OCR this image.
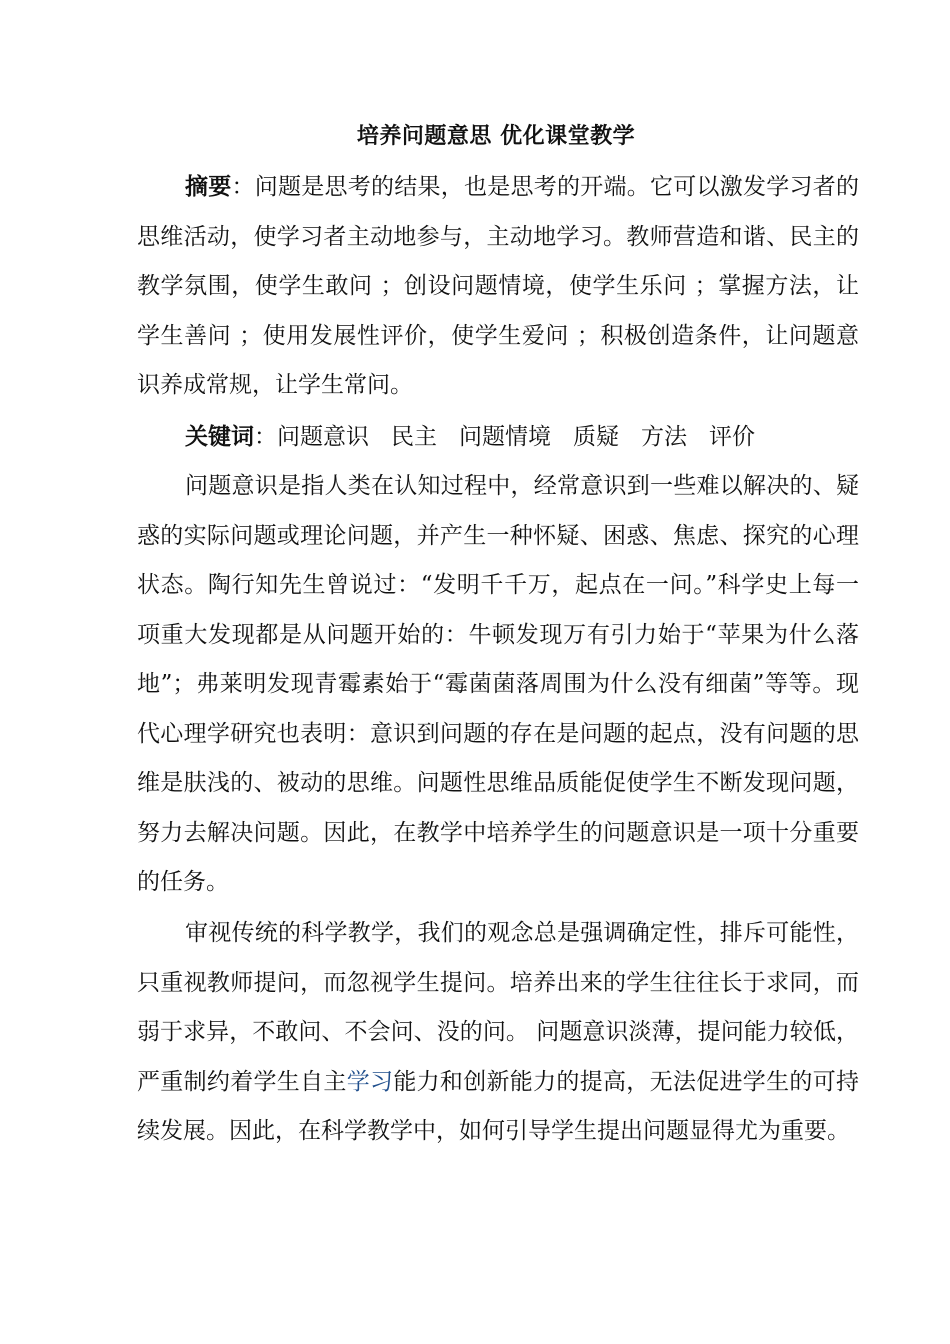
培养问题意思 优化课堂教学

摘要：问题是思考的结果，也是思考的开端。它可以激发学习者的思维活动，使学习者主动地参与，主动地学习。教师营造和谐、民主的教学氛围，使学生敢问 ；创设问题情境，使学生乐问 ；掌握方法，让学生善问 ；使用发展性评价，使学生爱问 ；积极创造条件，让问题意识养成常规，让学生常问。

关键词：问题意识 民主 问题情境 质疑 方法 评价

问题意识是指人类在认知过程中，经常意识到一些难以解决的、疑惑的实际问题或理论问题，并产生一种怀疑、困惑、焦虑、探究的心理状态。陶行知先生曾说过：“发明千千万，起点在一问。”科学史上每一项重大发现都是从问题开始的：牛顿发现万有引力始于“苹果为什么落地”；弗莱明发现青霉素始于“霉菌菌落周围为什么没有细菌”等等。现代心理学研究也表明：意识到问题的存在是问题的起点，没有问题的思维是肤浅的、被动的思维。问题性思维品质能促使学生不断发现问题，努力去解决问题。因此，在教学中培养学生的问题意识是一项十分重要的任务。

审视传统的科学教学，我们的观念总是强调确定性，排斥可能性，只重视教师提问，而忽视学生提问。培养出来的学生往往长于求同，而弱于求异，不敢问、不会问、没的问。 问题意识淡薄，提问能力较低，严重制约着学生自主学习能力和创新能力的提高，无法促进学生的可持续发展。因此，在科学教学中，如何引导学生提出问题显得尤为重要。
